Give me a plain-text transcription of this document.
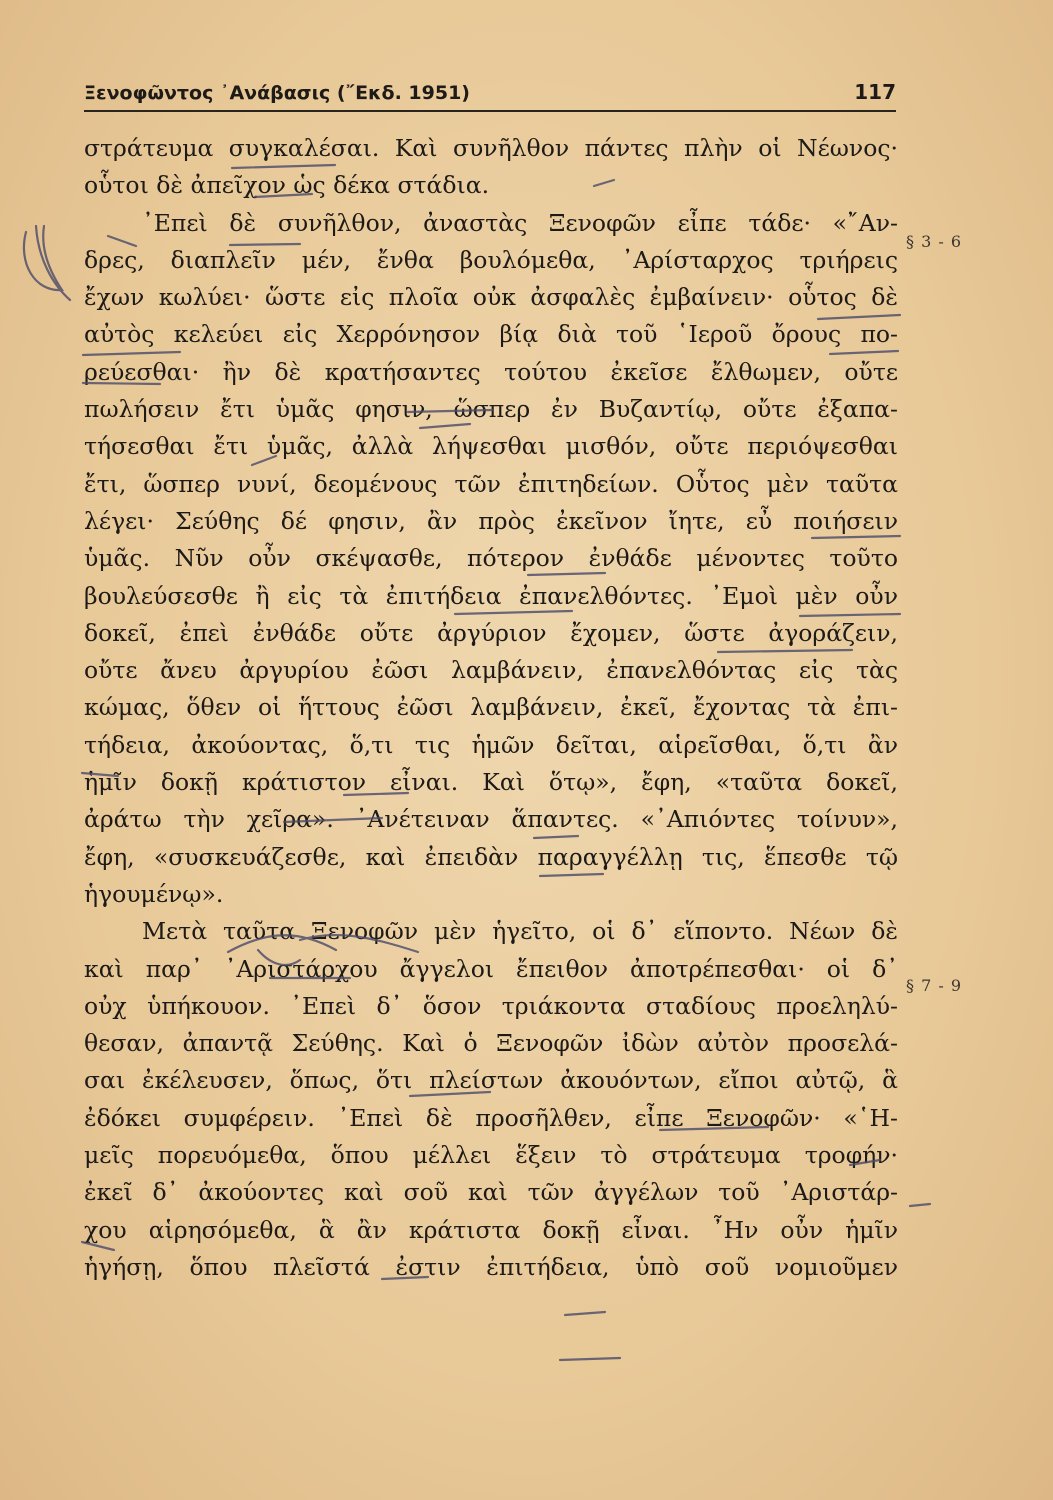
Ξενοφῶντος ᾿Ανάβασις (῎Εκδ. 1951)	117
στράτευμα συγκαλέσαι. Καὶ συνῆλθον πάντες πλὴν οἱ Νέωνος·
οὗτοι δὲ ἀπεῖχον ὡς δέκα στάδια.
᾿Επεὶ δὲ συνῆλθον, ἀναστὰς Ξενοφῶν εἶπε τάδε· «῎Αν-
δρες, διαπλεῖν μέν, ἔνθα βουλόμεθα, ᾿Αρίσταρχος τριήρεις
ἔχων κωλύει· ὥστε εἰς πλοῖα οὐκ ἀσφαλὲς ἐμβαίνειν· οὗτος δὲ
αὐτὸς κελεύει εἰς Χερρόνησον βίᾳ διὰ τοῦ ῾Ιεροῦ ὄρους πο-
ρεύεσθαι· ἢν δὲ κρατήσαντες τούτου ἐκεῖσε ἔλθωμεν, οὔτε
πωλήσειν ἔτι ὑμᾶς φησιν, ὥσπερ ἐν Βυζαντίῳ, οὔτε ἐξαπα-
τήσεσθαι ἔτι ὑμᾶς, ἀλλὰ λήψεσθαι μισθόν, οὔτε περιόψεσθαι
ἔτι, ὥσπερ νυνί, δεομένους τῶν ἐπιτηδείων. Οὗτος μὲν ταῦτα
λέγει· Σεύθης δέ φησιν, ἂν πρὸς ἐκεῖνον ἴητε, εὖ ποιήσειν
ὑμᾶς. Νῦν οὖν σκέψασθε, πότερον ἐνθάδε μένοντες τοῦτο
βουλεύσεσθε ἢ εἰς τὰ ἐπιτήδεια ἐπανελθόντες. ᾿Εμοὶ μὲν οὖν
δοκεῖ, ἐπεὶ ἐνθάδε οὔτε ἀργύριον ἔχομεν, ὥστε ἀγοράζειν,
οὔτε ἄνευ ἀργυρίου ἐῶσι λαμβάνειν, ἐπανελθόντας εἰς τὰς
κώμας, ὅθεν οἱ ἥττους ἐῶσι λαμβάνειν, ἐκεῖ, ἔχοντας τὰ ἐπι-
τήδεια, ἀκούοντας, ὅ,τι τις ἡμῶν δεῖται, αἱρεῖσθαι, ὅ,τι ἂν
ἡμῖν δοκῇ κράτιστον εἶναι. Καὶ ὅτῳ», ἔφη, «ταῦτα δοκεῖ,
ἀράτω τὴν χεῖρα». ᾿Ανέτειναν ἅπαντες. «᾿Απιόντες τοίνυν»,
ἔφη, «συσκευάζεσθε, καὶ ἐπειδὰν παραγγέλλῃ τις, ἕπεσθε τῷ
ἡγουμένῳ».
Μετὰ ταῦτα Ξενοφῶν μὲν ἡγεῖτο, οἱ δ᾿ εἵποντο. Νέων δὲ
καὶ παρ᾿ ᾿Αριστάρχου ἄγγελοι ἔπειθον ἀποτρέπεσθαι· οἱ δ᾿
οὐχ ὑπήκουον. ᾿Επεὶ δ᾿ ὅσον τριάκοντα σταδίους προεληλύ-
θεσαν, ἀπαντᾷ Σεύθης. Καὶ ὁ Ξενοφῶν ἰδὼν αὐτὸν προσελά-
σαι ἐκέλευσεν, ὅπως, ὅτι πλείστων ἀκουόντων, εἴποι αὐτῷ, ἃ
ἐδόκει συμφέρειν. ᾿Επεὶ δὲ προσῆλθεν, εἶπε Ξενοφῶν· «῾Η-
μεῖς πορευόμεθα, ὅπου μέλλει ἕξειν τὸ στράτευμα τροφήν·
ἐκεῖ δ᾿ ἀκούοντες καὶ σοῦ καὶ τῶν ἀγγέλων τοῦ ᾿Αριστάρ-
χου αἱρησόμεθα, ἃ ἂν κράτιστα δοκῇ εἶναι. ῏Ην οὖν ἡμῖν
ἡγήσῃ, ὅπου πλεῖστά ἐστιν ἐπιτήδεια, ὑπὸ σοῦ νομιοῦμεν
§ 3 - 6
§ 7 - 9
